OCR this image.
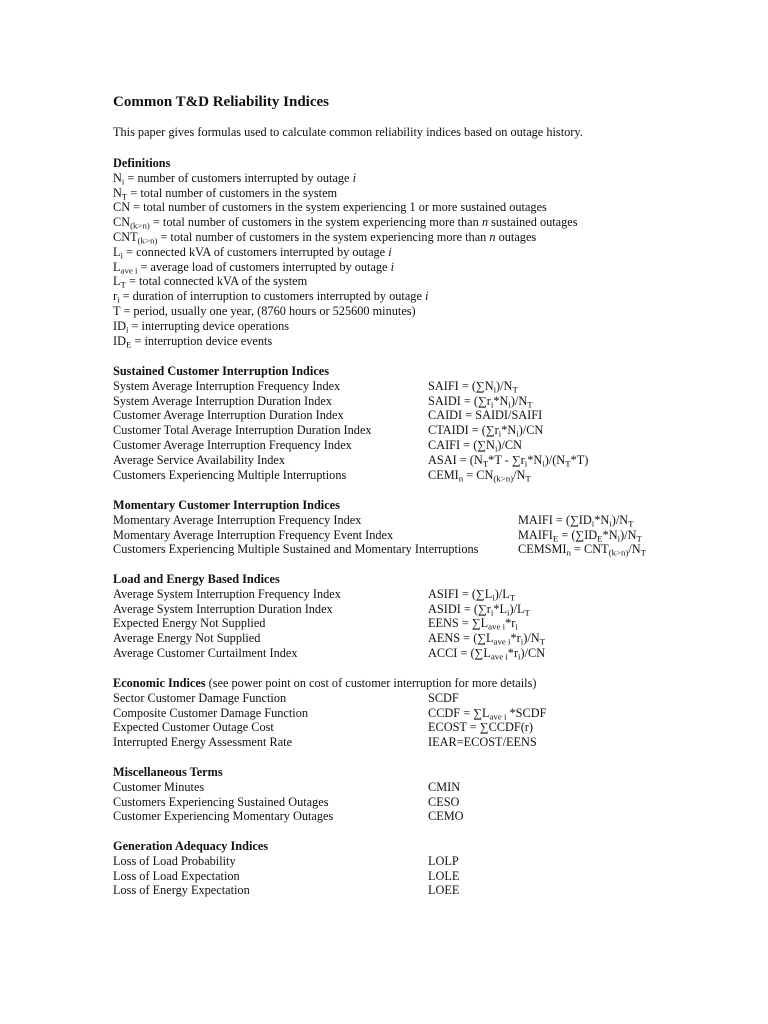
Common T&D Reliability Indices
This paper gives formulas used to calculate common reliability indices based on outage history.
Definitions
$N_i$ = number of customers interrupted by outage i
$N_T$ = total number of customers in the system
CN = total number of customers in the system experiencing 1 or more sustained outages
$CN_{(k>n)}$ = total number of customers in the system experiencing more than n sustained outages
$CNT_{(k>n)}$ = total number of customers in the system experiencing more than n outages
$L_i$ = connected kVA of customers interrupted by outage i
$L_{ave i}$ = average load of customers interrupted by outage i
$L_T$ = total connected kVA of the system
$r_i$ = duration of interruption to customers interrupted by outage i
T = period, usually one year, (8760 hours or 525600 minutes)
$ID_i$ = interrupting device operations
$ID_E$ = interruption device events
Sustained Customer Interruption Indices
System Average Interruption Frequency Index	SAIFI = $(\sum N_i)/N_T$
System Average Interruption Duration Index	SAIDI = $(\sum r_i*N_i)/N_T$
Customer Average Interruption Duration Index	CAIDI = SAIDI/SAIFI
Customer Total Average Interruption Duration Index	CTAIDI = $(\sum r_i*N_i)/CN$
Customer Average Interruption Frequency Index	CAIFI = $(\sum N_i)/CN$
Average Service Availability Index	ASAI = $(N_T*T - \sum r_i*N_i)/(N_T*T)$
Customers Experiencing Multiple Interruptions	$CEMI_n = CN_{(k>n)}/N_T$
Momentary Customer Interruption Indices
Momentary Average Interruption Frequency Index	MAIFI = $(\sum ID_i*N_i)/N_T$
Momentary Average Interruption Frequency Event Index	$MAIFI_E = (\sum ID_E*N_i)/N_T$
Customers Experiencing Multiple Sustained and Momentary Interruptions	$CEMSMI_n = CNT_{(k>n)}/N_T$
Load and Energy Based Indices
Average System Interruption Frequency Index	ASIFI = $(\sum L_i)/L_T$
Average System Interruption Duration Index	ASIDI = $(\sum r_i*L_i)/L_T$
Expected Energy Not Supplied	EENS = $\sum L_{ave i}*r_i$
Average Energy Not Supplied	AENS = $(\sum L_{ave i}*r_i)/N_T$
Average Customer Curtailment Index	ACCI = $(\sum L_{ave i}*r_i)/CN$
Economic Indices (see power point on cost of customer interruption for more details)
Sector Customer Damage Function	SCDF
Composite Customer Damage Function	CCDF = $\sum L_{ave i}$ *SCDF
Expected Customer Outage Cost	ECOST = ∑CCDF(r)
Interrupted Energy Assessment Rate	IEAR=ECOST/EENS
Miscellaneous Terms
Customer Minutes	CMIN
Customers Experiencing Sustained Outages	CESO
Customer Experiencing Momentary Outages	CEMO
Generation Adequacy Indices
Loss of Load Probability	LOLP
Loss of Load Expectation	LOLE
Loss of Energy Expectation	LOEE
